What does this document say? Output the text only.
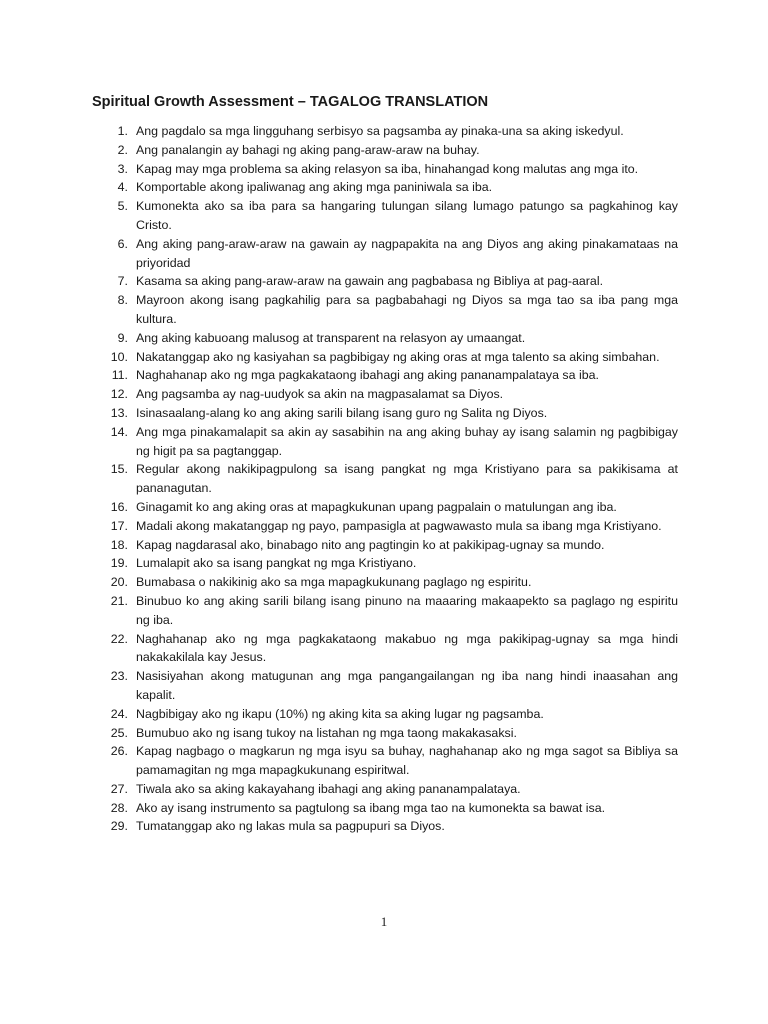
Spiritual Growth Assessment – TAGALOG TRANSLATION
1. Ang pagdalo sa mga lingguhang serbisyo sa pagsamba ay pinaka-una sa aking iskedyul.
2. Ang panalangin ay bahagi ng aking pang-araw-araw na buhay.
3. Kapag may mga problema sa aking relasyon sa iba, hinahangad kong malutas ang mga ito.
4. Komportable akong ipaliwanag ang aking mga paniniwala sa iba.
5. Kumonekta ako sa iba para sa hangaring tulungan silang lumago patungo sa pagkahinog kay Cristo.
6. Ang aking pang-araw-araw na gawain ay nagpapakita na ang Diyos ang aking pinakamataas na priyoridad
7. Kasama sa aking pang-araw-araw na gawain ang pagbabasa ng Bibliya at pag-aaral.
8. Mayroon akong isang pagkahilig para sa pagbabahagi ng Diyos sa mga tao sa iba pang mga kultura.
9. Ang aking kabuoang malusog at transparent na relasyon ay umaangat.
10. Nakatanggap ako ng kasiyahan sa pagbibigay ng aking oras at mga talento sa aking simbahan.
11. Naghahanap ako ng mga pagkakataong ibahagi ang aking pananampalataya sa iba.
12. Ang pagsamba ay nag-uudyok sa akin na magpasalamat sa Diyos.
13. Isinasaalang-alang ko ang aking sarili bilang isang guro ng Salita ng Diyos.
14. Ang mga pinakamalapit sa akin ay sasabihin na ang aking buhay ay isang salamin ng pagbibigay ng higit pa sa pagtanggap.
15. Regular akong nakikipagpulong sa isang pangkat ng mga Kristiyano para sa pakikisama at pananagutan.
16. Ginagamit ko ang aking oras at mapagkukunan upang pagpalain o matulungan ang iba.
17. Madali akong makatanggap ng payo, pampasigla at pagwawasto mula sa ibang mga Kristiyano.
18. Kapag nagdarasal ako, binabago nito ang pagtingin ko at pakikipag-ugnay sa mundo.
19. Lumalapit ako sa isang pangkat ng mga Kristiyano.
20. Bumabasa o nakikinig ako sa mga mapagkukunang paglago ng espiritu.
21. Binubuo ko ang aking sarili bilang isang pinuno na maaaring makaapekto sa paglago ng espiritu ng iba.
22. Naghahanap ako ng mga pagkakataong makabuo ng mga pakikipag-ugnay sa mga hindi nakakakilala kay Jesus.
23. Nasisiyahan akong matugunan ang mga pangangailangan ng iba nang hindi inaasahan ang kapalit.
24. Nagbibigay ako ng ikapu (10%) ng aking kita sa aking lugar ng pagsamba.
25. Bumubuo ako ng isang tukoy na listahan ng mga taong makakasaksi.
26. Kapag nagbago o magkarun ng mga isyu sa buhay, naghahanap ako ng mga sagot sa Bibliya sa pamamagitan ng mga mapagkukunang espiritwal.
27. Tiwala ako sa aking kakayahang ibahagi ang aking pananampalataya.
28. Ako ay isang instrumento sa pagtulong sa ibang mga tao na kumonekta sa bawat isa.
29. Tumatanggap ako ng lakas mula sa pagpupuri sa Diyos.
1
